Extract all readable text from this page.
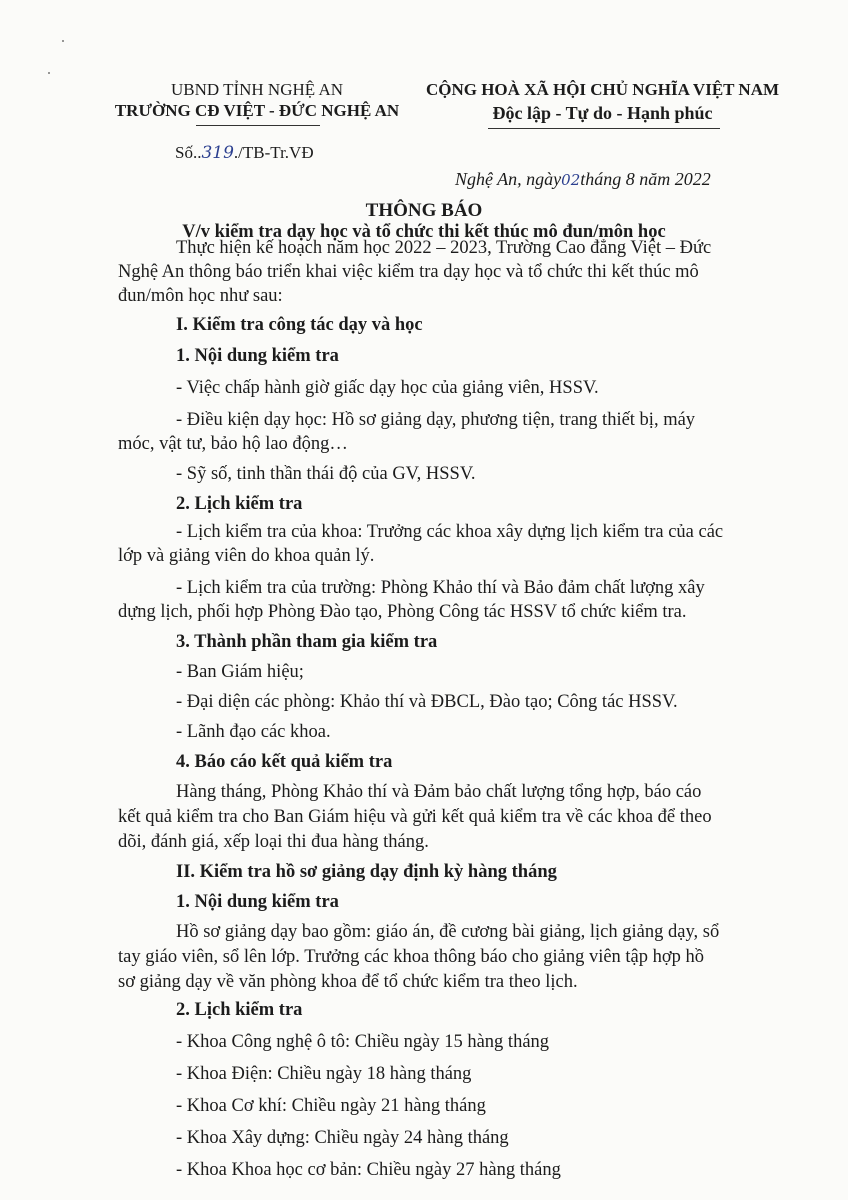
UBND TỈNH NGHỆ AN
TRƯỜNG CĐ VIỆT - ĐỨC NGHỆ AN
CỘNG HOÀ XÃ HỘI CHỦ NGHĨA VIỆT NAM
Độc lập - Tự do - Hạnh phúc
Số..319./TB-Tr.VĐ
Nghệ An, ngày02tháng 8 năm 2022
THÔNG BÁO
V/v kiểm tra dạy học và tổ chức thi kết thúc mô đun/môn học
Thực hiện kế hoạch năm học 2022 – 2023, Trường Cao đẳng Việt – Đức
Nghệ An thông báo triển khai việc kiểm tra dạy học và tổ chức thi kết thúc mô
đun/môn học như sau:
I. Kiểm tra công tác dạy và học
1. Nội dung kiểm tra
- Việc chấp hành giờ giấc dạy học của giảng viên, HSSV.
- Điều kiện dạy học: Hồ sơ giảng dạy, phương tiện, trang thiết bị, máy
móc, vật tư, bảo hộ lao động…
- Sỹ số, tinh thần thái độ của GV, HSSV.
2. Lịch kiểm tra
- Lịch kiểm tra của khoa: Trưởng các khoa xây dựng lịch kiểm tra của các
lớp và giảng viên do khoa quản lý.
- Lịch kiểm tra của trường: Phòng Khảo thí và Bảo đảm chất lượng xây
dựng lịch, phối hợp Phòng Đào tạo, Phòng Công tác HSSV tổ chức kiểm tra.
3. Thành phần tham gia kiểm tra
- Ban Giám hiệu;
- Đại diện các phòng: Khảo thí và ĐBCL, Đào tạo; Công tác HSSV.
- Lãnh đạo các khoa.
4. Báo cáo kết quả kiểm tra
Hàng tháng, Phòng Khảo thí và Đảm bảo chất lượng tổng hợp, báo cáo
kết quả kiểm tra cho Ban Giám hiệu và gửi kết quả kiểm tra về các khoa để theo
dõi, đánh giá, xếp loại thi đua hàng tháng.
II. Kiểm tra hồ sơ giảng dạy định kỳ hàng tháng
1. Nội dung kiểm tra
Hồ sơ giảng dạy bao gồm: giáo án, đề cương bài giảng, lịch giảng dạy, sổ
tay giáo viên, sổ lên lớp. Trưởng các khoa thông báo cho giảng viên tập hợp hồ
sơ giảng dạy về văn phòng khoa để tổ chức kiểm tra theo lịch.
2. Lịch kiểm tra
- Khoa Công nghệ ô tô: Chiều ngày 15 hàng tháng
- Khoa Điện: Chiều ngày 18 hàng tháng
- Khoa Cơ khí: Chiều ngày 21 hàng tháng
- Khoa Xây dựng: Chiều ngày 24 hàng tháng
- Khoa Khoa học cơ bản: Chiều ngày 27 hàng tháng
